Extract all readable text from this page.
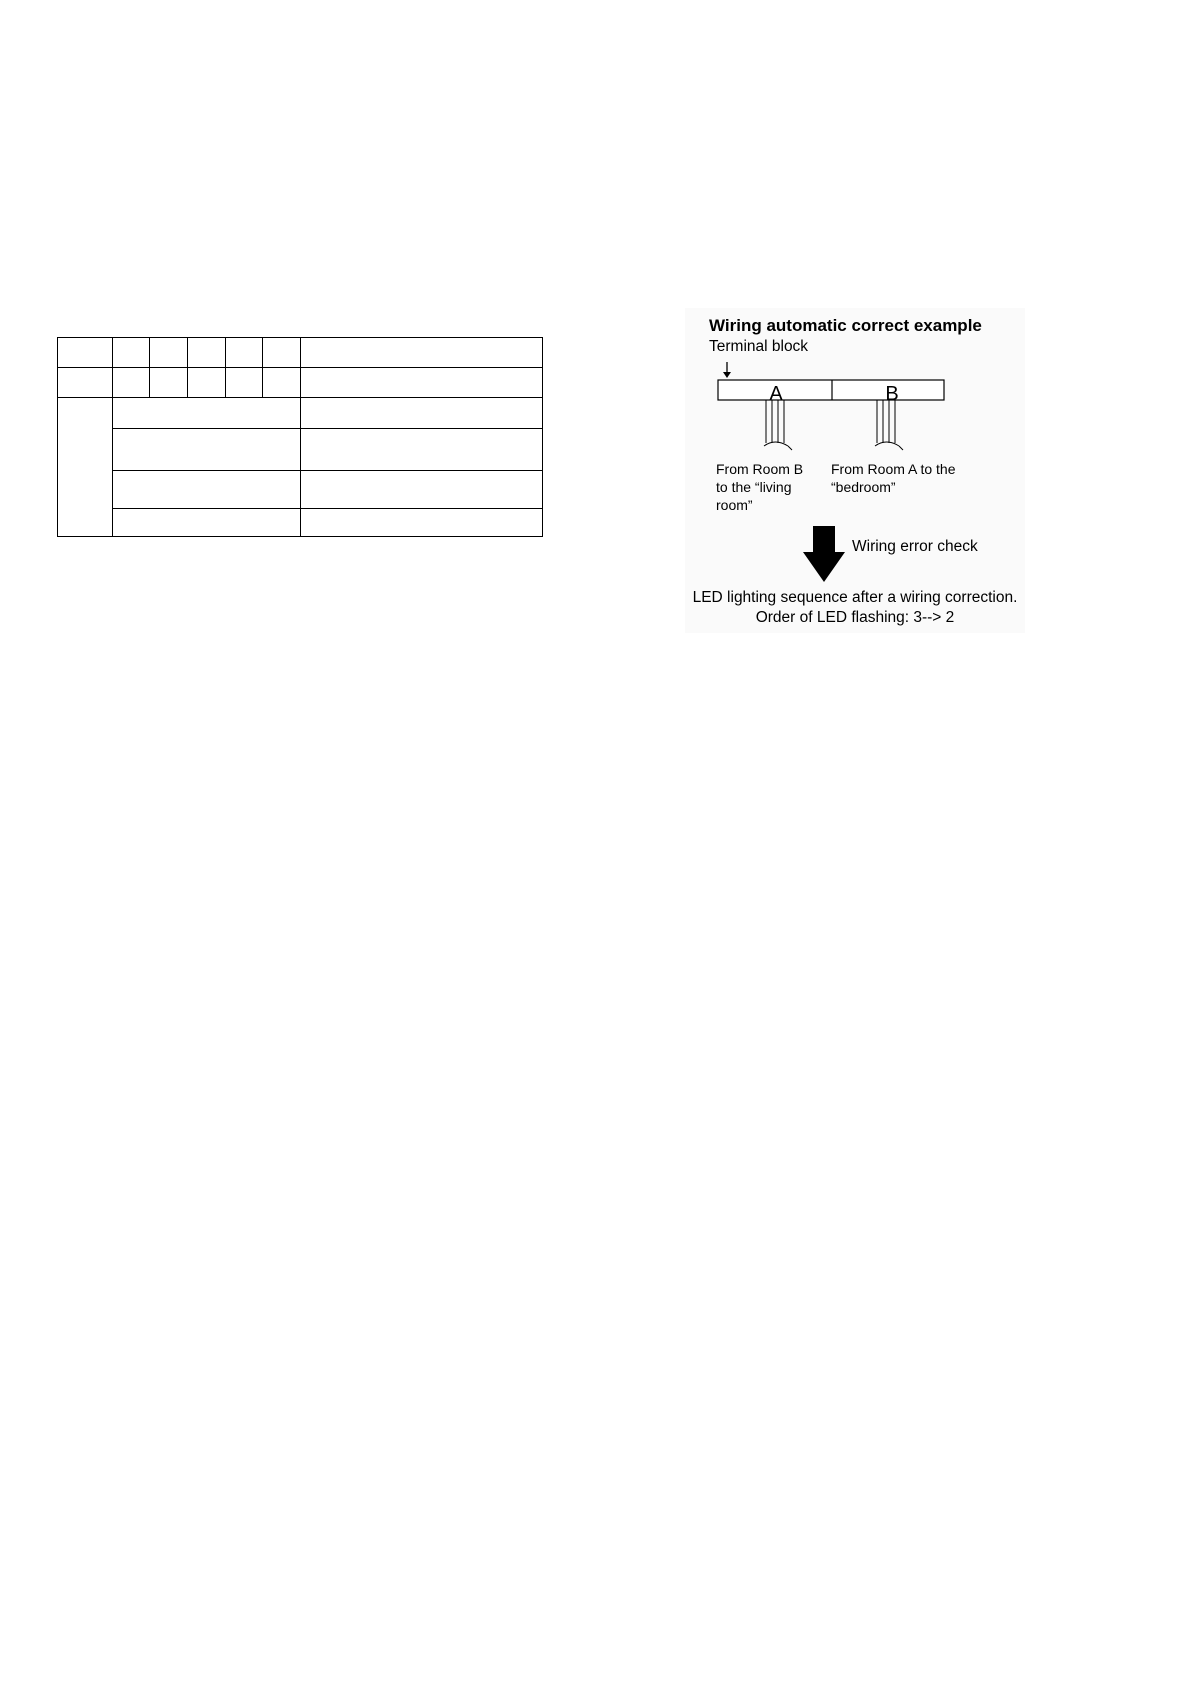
Wiring automatic correct example
Terminal block
A	B
From Room B to the “living room”
From Room A to the “bedroom”
Wiring error check
LED lighting sequence after a wiring correction.
Order of LED flashing: 3--> 2
